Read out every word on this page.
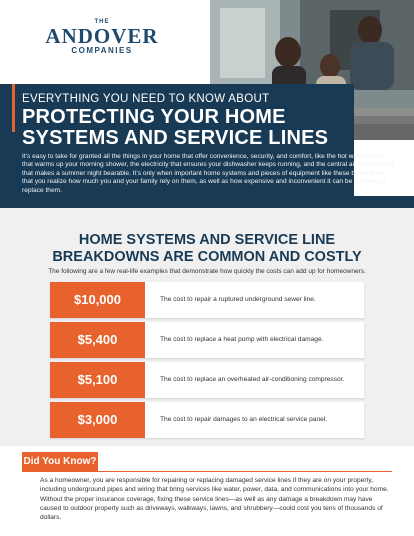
THE
ANDOVER
COMPANIES
EVERYTHING YOU NEED TO KNOW ABOUT
PROTECTING YOUR HOME
SYSTEMS AND SERVICE LINES

It’s easy to take for granted all the things in your home that offer convenience, security, and comfort, like the hot water heater that warms up your morning shower, the electricity that ensures your dishwasher keeps running, and the central air conditioning that makes a summer night bearable. It’s only when important home systems and pieces of equipment like these break down that you realize how much you and your family rely on them, as well as how expensive and inconvenient it can be to repair or replace them.

HOME SYSTEMS AND SERVICE LINE
BREAKDOWNS ARE COMMON AND COSTLY
The following are a few real-life examples that demonstrate how quickly the costs can add up for homeowners.
$10,000	The cost to repair a ruptured underground sewer line.
$5,400	The cost to replace a heat pump with electrical damage.
$5,100	The cost to replace an overheated air-conditioning compressor.
$3,000	The cost to repair damages to an electrical service panel.
Did You Know?

As a homeowner, you are responsible for repairing or replacing damaged service lines if they are on your property, including underground pipes and wiring that bring services like water, power, data, and communications into your home. Without the proper insurance coverage, fixing these service lines—as well as any damage a breakdown may have caused to outdoor property such as driveways, walkways, lawns, and shrubbery—could cost you tens of thousands of dollars.
